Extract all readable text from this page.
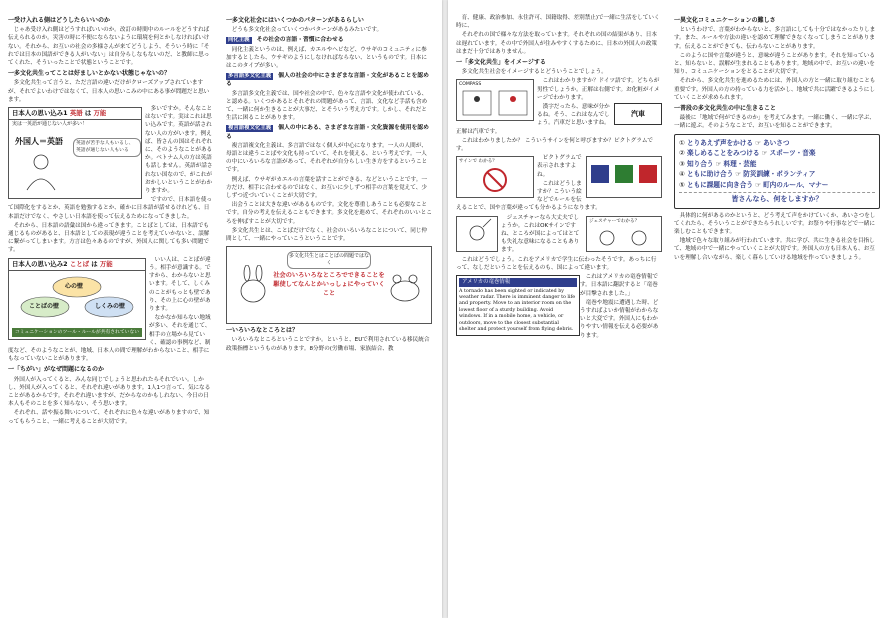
一受け入れる側はどうしたらいいのか

じゃあ受け入れ側はどうすればいいのか。改訂の時間中のルールをどうすれば伝えられるのか。災害の時に不便にならないように環境を何とかしなければいけない。それから、お互いの社会の多様さんが来てどうしよう、そういう時に「それでは日本の国語ができる人がいない」は自分らしなもないのだ、と教師に思ってくれた、そういったことで状態ということです。

一多文化共生ってことは好ましいとかない状態じゃないの？

多文化共生って言うと、ただ言語の違いだけがクローズアップされていますが、それでよいわけではなくて、日本人の思いこみの中にある事が問題だと思います。

日本人の思い込み1 英語 は 万能
実は一英語が通じない人が多い！
外国人＝英語	英語が苦手な人もいるし、英語が通じない人もいる

多いですか。そんなことはないです。実はこれは思い込みです。英語が話されない人の方がいます。例えば、皆さんの国はそれぞれに、そのようなことがあるか。ベトナム人の方は英語も話しません。英語が話されない国なので、がこれがおかしいということがわかりますか。

ですので、日本語を使って国際化をするとか、英語を勉強するとか、確かに日本語が話せるけれども、日本語だけでなく、やさしい日本語を使って伝えるためになってきました。

それから、日本語の語彙は国から違ってきます。ことばとしては、日本語でも通じるものがあると、日本語としての表現が違うことを考えていかないと、誤解に繋がってしまいます。方言は色々あるのですが、外国人に関しても多い問題です。

日本人の思い込み2 ことば は 万能
心の壁
ことばの壁	しくみの壁
コミュニケーションのツール・ルールが共有されていない

いい人は、ことばが違う。相手が意識する。ですから、わからないと思います。そして、しくみのことがもっとも壁であり、その上に心の壁があります。

なかなか知らない地域が多い、それを通じて、相手の立場から見ていく、確認の事例など、制度など、そのようなことが、地域、日本人の間で理解がわからないこと、相手にもなっていないことがあります。

一「ちがい」がなぜ問題になるのか

外国人が入ってくると、みんな同じでしょうと思われたらそれでいい。しかし、外国人が入ってくると、それぞれ違いがあります。1人1つ言って、気になることがあるからです。それぞれ違いますが、だからなのかもしれない、今日の日本人もそのことを多く知らない、そう思います。

それぞれ、話や振る舞いについて、それぞれに色々な違いがありますので、知ってもらうこと、一緒に考えることが大切です。

一多文化社会にはいくつかのパターンがあるらしい

どうも多文化社会っていくつかパターンがあるみたいです。

同化主義 その社会の言語・習慣に合わせる

同化主義というのは、例えば、カエルやヘビなど、ウサギのコミュニティに参加するとしたら、ウサギのようにしなければならない、というものです。日本にはこのタイプが多い。

多言語多文化主義 個人の社会の中にさまざまな言語・文化があることを認める

多言語多文化主義では、国や社会の中で、色々な言語や文化が使われている、と認める。いくつかあるとそれぞれの問題があって、言語、文化など手話も含めて、一緒に何か生きることが大事だ、とそういう考え方です。しかし、それだと生活に困ることがあります。

複言語複文化主義 個人の中にある、さまざまな言語・文化資源を使用を認める

複言語複文化主義は、多言語ではなく個人が中心になります。一人の人間が、母語とは違うことばや文化も持っていて、それを使える、という考えです。一人の中にいろいろな言語があって、それぞれが自分らしい生き方をするということです。

例えば、ウサギがカエルの言葉を話すことができる、などということです。一方だけ、相手に合わせるのではなく、お互いに少しずつ相手の言葉を覚えて、少しずつ近づいていくことが大切です。

出会うことは大きな違いがあるものです。文化を尊重しあうことも必要なことです。自分の考えを伝えることもできます。多文化を進めて、それぞれのいいところを伸ばすことが大切です。

多文化共生とは、ことばだけでなく、社会のいろいろなことについて、同じ仲間として、一緒にやっていこうということです。

多文化共生とはことばの問題ではなく
社会のいろいろなところでできることを駆使してなんとかいっしょにやっていくこと
一いろいろなところとは？

いろいろなところということですか。というと、EUで利用されている移民統合政策指標というものがあります。8分野の(労働市場、家族結合、教

育、健康、政治参加、永住許可、国籍取得、差別禁止)で一緒に生活をしていく時に、

それぞれの国で様々な方法を取っています。それぞれの国の結果があり、日本は遅れています。その中で外国人が住みやすくするために、日本の外国人の政策はまだ十分ではありません。

一「多文化共生」をイメージする

多文化共生社会をイメージするとどういうことでしょう。

COMPASS

これはわかりますか？ドイツ語です。どちらが男性でしょうか。正解は右側です。お化粧がイメージでわかります。

汽車

漢字だったら、意味が分かるね。そう、これはなんでしょう。汽車だと思いますね。正解は汽車です。

これはわかりましたか？ こういうサインを何と呼びますか？ピクトグラムです。

サインで わかる？

ピクトグラムで表示されますよね。

これはどうしますか？こういう絵などでルールを伝えることで、国や言葉が違っても分かるようになります。

ジェスチャーでわかる？

ジェスチャーなら大丈夫でしょうか。これはOKサインですね、ところが国によってはとても失礼な意味になることもあります。

これはどうでしょう。これをアメリカで学生に伝わったそうです。あっちに行って、なしだということを伝えるのも、国によって違います。

アメリカの竜巻情報
A tornado has been sighted or indicated by weather radar. There is imminent danger to life and property. Move to an interior room on the lowest floor of a sturdy building. Avoid windows. If in a mobile home, a vehicle, or outdoors, move to the closest substantial shelter and protect yourself from flying debris.

これはアメリカの竜巻情報です。日本語に翻訳すると「竜巻が目撃されました。」

竜巻や地震に遭遇した時、どうすればよいか情報がわからないと大変です。外国人にもわかりやすい情報を伝える必要があります。

一異文化コミュニケーションの難しさ

というわけで、言葉がわからないと、多言語にしても十分ではなかったりします。また、ルールや方法の違いを認めて理解できなくなってしまうことがあります。伝えることができても、伝わらないことがあります。

このように国や言葉が違うと、意味が違うことがあります。それを知っていると、知らないと、誤解が生まれることもあります。地域の中で、お互いの違いを知り、コミュニケーションをとることが大切です。

それから、多文化共生を進めるためには、外国人の方と一緒に取り組むことも重要です。外国人の方の持っている力を活かし、地域で共に活躍できるようにしていくことが求められます。

一普段の多文化共生の中に生きること

最後に「地域で何ができるのか」を考えてみます。一緒に働く、一緒に学ぶ、一緒に遊ぶ。そのようなことで、お互いを知ることができます。

① とりあえず声をかける ☞ あいさつ
② 楽しめることをみつける ☞ スポーツ・音楽
③ 知り合う ☞ 料理・芸能
④ ともに助け合う ☞ 防災訓練・ボランティア
⑤ ともに課題に向き合う ☞ 町内のルール、マナー
皆さんなら、何をしますか？

具体的に何があるのかというと、どう考えて声をかけていくか、あいさつをしてくれたら、そういうことができたらうれしいです。お祭りや行事などで一緒に楽しむこともできます。

地域で色々な取り組みが行われています。共に学び、共に生きる社会を目指して、地域の中で一緒にやっていくことが大切です。外国人の方も日本人も、お互いを理解し合いながら、楽しく暮らしていける地域を作っていきましょう。
